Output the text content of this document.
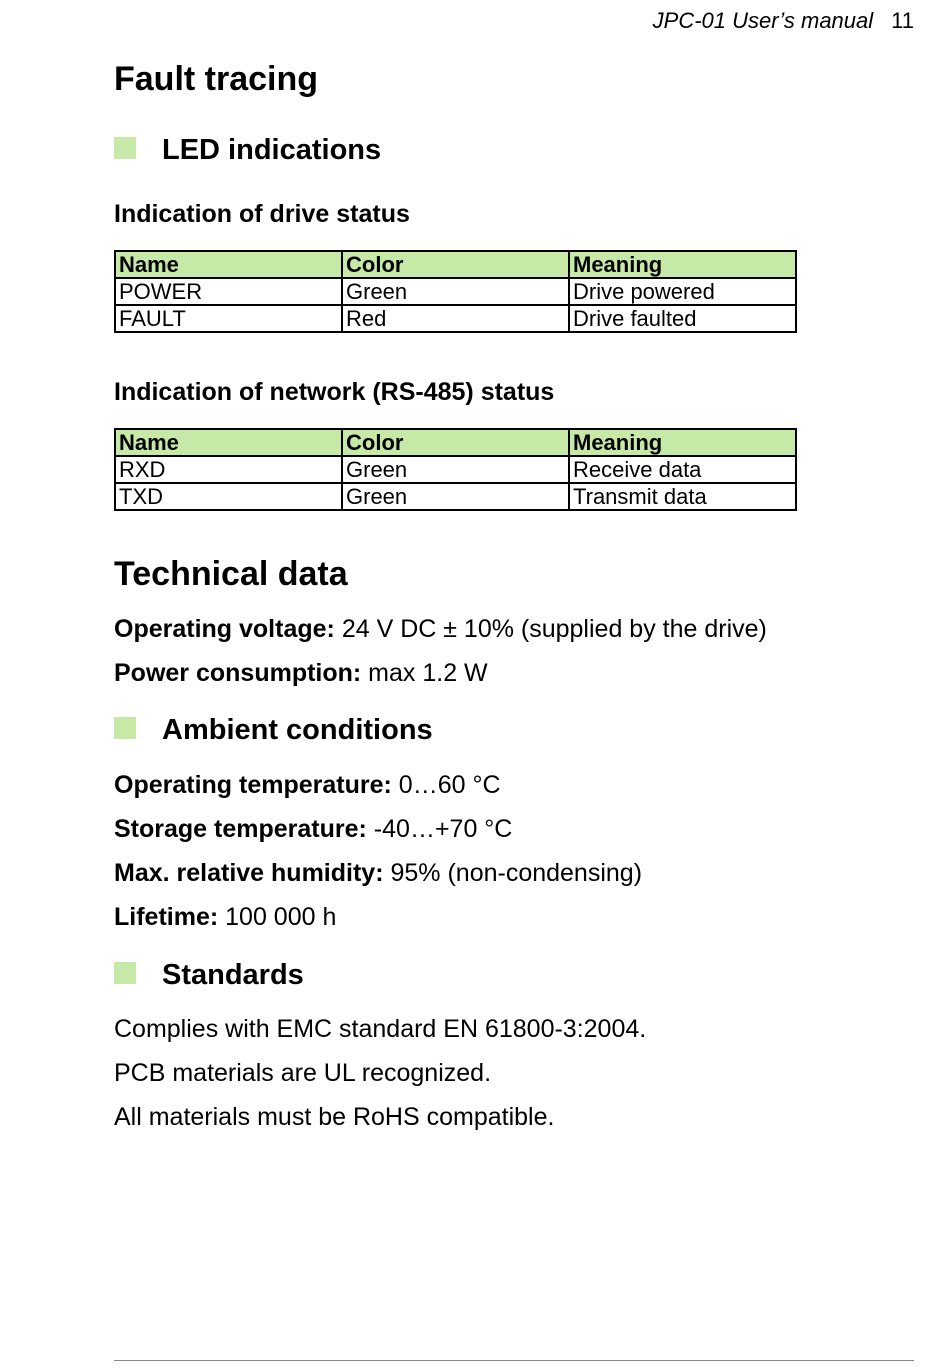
JPC-01 User’s manual 11
Fault tracing
LED indications
Indication of drive status
Name	Color	Meaning
POWER	Green	Drive powered
FAULT	Red	Drive faulted
Indication of network (RS-485) status
Name	Color	Meaning
RXD	Green	Receive data
TXD	Green	Transmit data
Technical data

Operating voltage: 24 V DC ± 10% (supplied by the drive)

Power consumption: max 1.2 W

Ambient conditions

Operating temperature: 0…60 °C

Storage temperature: -40…+70 °C

Max. relative humidity: 95% (non-condensing)

Lifetime: 100 000 h

Standards

Complies with EMC standard EN 61800-3:2004.

PCB materials are UL recognized.

All materials must be RoHS compatible.
